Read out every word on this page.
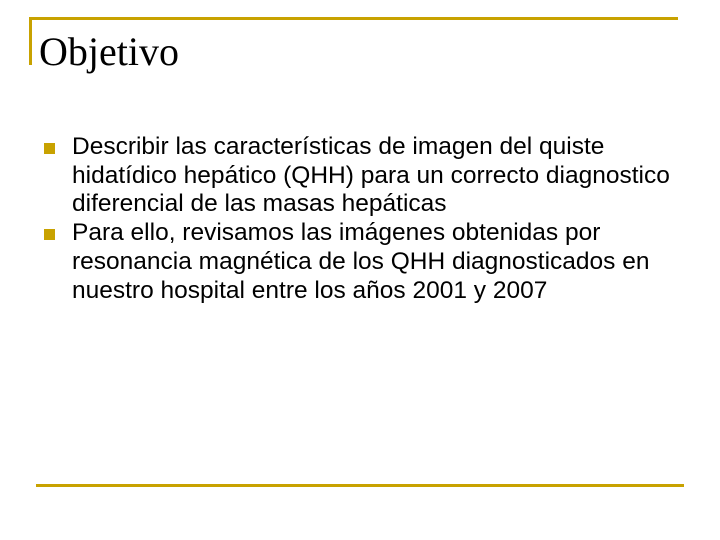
Objetivo
Describir las características de imagen del quiste hidatídico hepático (QHH) para un correcto diagnostico diferencial de las masas hepáticas
Para ello, revisamos las imágenes obtenidas por resonancia magnética de los QHH diagnosticados en nuestro hospital entre los años 2001 y 2007
